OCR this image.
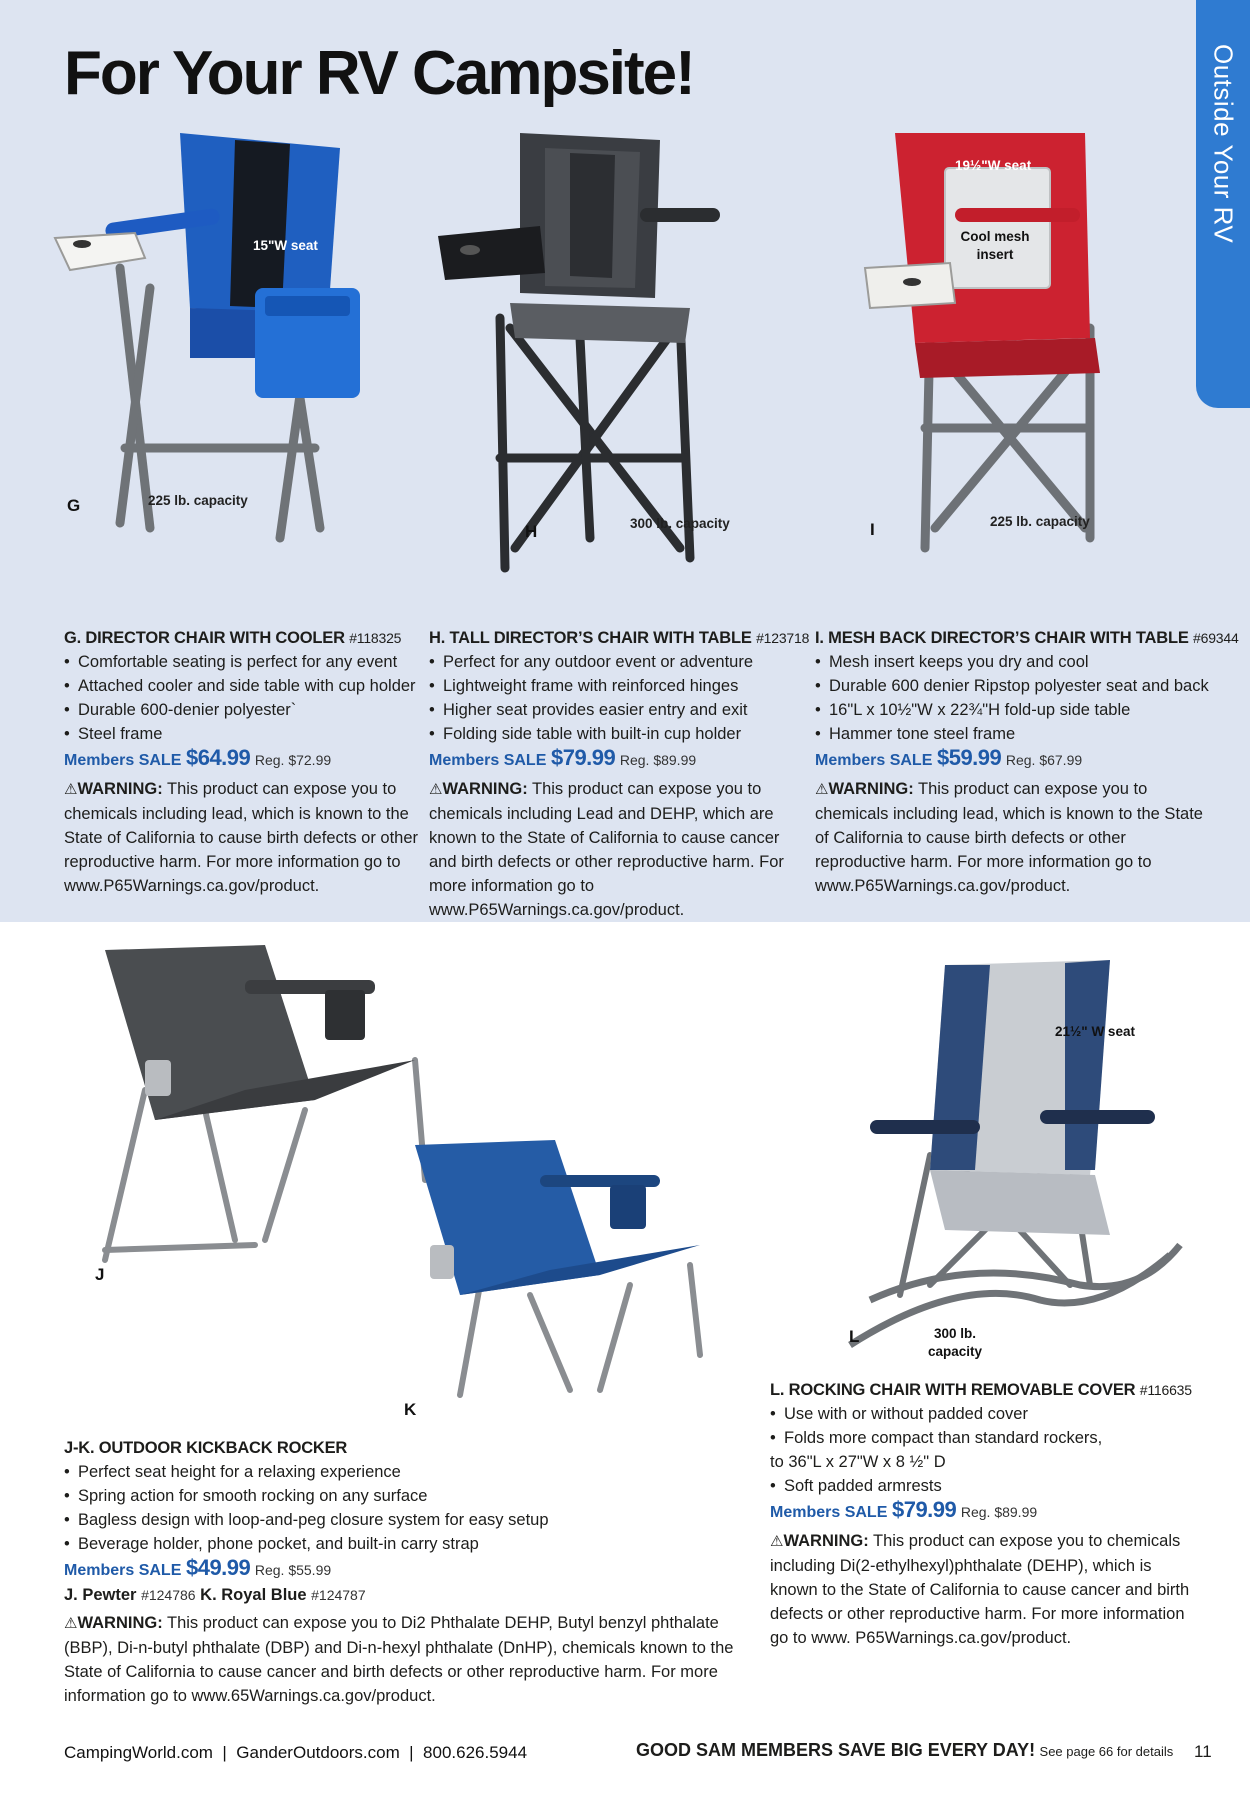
For Your RV Campsite!	Outside Your RV
15"W seat
G	225 lb. capacity
H	300 lb. capacity
19½"W seat
Cool mesh insert
I	225 lb. capacity
G. DIRECTOR CHAIR WITH COOLER #118325
• Comfortable seating is perfect for any event
• Attached cooler and side table with cup holder
• Durable 600-denier polyester`
• Steel frame
Members SALE $64.99 Reg. $72.99
⚠WARNING: This product can expose you to chemicals including lead, which is known to the State of California to cause birth defects or other reproductive harm. For more information go to www.P65Warnings.ca.gov/product.
H. TALL DIRECTOR’S CHAIR WITH TABLE #123718
• Perfect for any outdoor event or adventure
• Lightweight frame with reinforced hinges
• Higher seat provides easier entry and exit
• Folding side table with built-in cup holder
Members SALE $79.99 Reg. $89.99
⚠WARNING: This product can expose you to chemicals including Lead and DEHP, which are known to the State of California to cause cancer and birth defects or other reproductive harm. For more information go to www.P65Warnings.ca.gov/product.
I. MESH BACK DIRECTOR’S CHAIR WITH TABLE #69344
• Mesh insert keeps you dry and cool
• Durable 600 denier Ripstop polyester seat and back
• 16"L x 10½"W x 22¾"H fold-up side table
• Hammer tone steel frame
Members SALE $59.99 Reg. $67.99
⚠WARNING: This product can expose you to chemicals including lead, which is known to the State of California to cause birth defects or other reproductive harm. For more information go to www.P65Warnings.ca.gov/product.
J
K
21½" W seat
L	300 lb. capacity
J-K. OUTDOOR KICKBACK ROCKER
• Perfect seat height for a relaxing experience
• Spring action for smooth rocking on any surface
• Bagless design with loop-and-peg closure system for easy setup
• Beverage holder, phone pocket, and built-in carry strap
Members SALE $49.99 Reg. $55.99
J. Pewter #124786 K. Royal Blue #124787
⚠WARNING: This product can expose you to Di2 Phthalate DEHP, Butyl benzyl phthalate (BBP), Di-n-butyl phthalate (DBP) and Di-n-hexyl phthalate (DnHP), chemicals known to the State of California to cause cancer and birth defects or other reproductive harm. For more information go to www.65Warnings.ca.gov/product.
L. ROCKING CHAIR WITH REMOVABLE COVER #116635
• Use with or without padded cover
• Folds more compact than standard rockers, to 36"L x 27"W x 8 ½" D
• Soft padded armrests
Members SALE $79.99 Reg. $89.99
⚠WARNING: This product can expose you to chemicals including Di(2-ethylhexyl)phthalate (DEHP), which is known to the State of California to cause cancer and birth defects or other reproductive harm. For more information go to www. P65Warnings.ca.gov/product.
CampingWorld.com  |  GanderOutdoors.com  |  800.626.5944	GOOD SAM MEMBERS SAVE BIG EVERY DAY! See page 66 for details 11
